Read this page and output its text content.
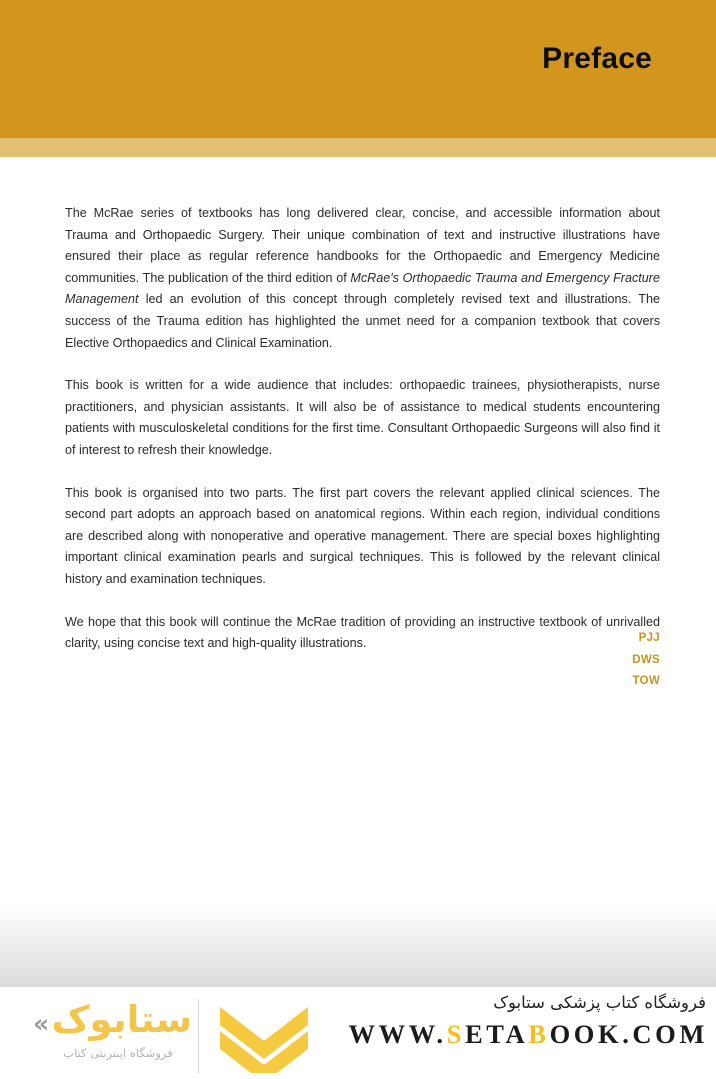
Preface

The McRae series of textbooks has long delivered clear, concise, and accessible information about Trauma and Orthopaedic Surgery. Their unique combination of text and instructive illustrations have ensured their place as regular reference handbooks for the Orthopaedic and Emergency Medicine communities. The publication of the third edition of McRae's Orthopaedic Trauma and Emergency Fracture Management led an evolution of this concept through completely revised text and illustrations. The success of the Trauma edition has highlighted the unmet need for a companion textbook that covers Elective Orthopaedics and Clinical Examination.

This book is written for a wide audience that includes: orthopaedic trainees, physiotherapists, nurse practitioners, and physician assistants. It will also be of assistance to medical students encountering patients with musculoskeletal conditions for the first time. Consultant Orthopaedic Surgeons will also find it of interest to refresh their knowledge.

This book is organised into two parts. The first part covers the relevant applied clinical sciences. The second part adopts an approach based on anatomical regions. Within each region, individual conditions are described along with nonoperative and operative management. There are special boxes highlighting important clinical examination pearls and surgical techniques. This is followed by the relevant clinical history and examination techniques.

We hope that this book will continue the McRae tradition of providing an instructive textbook of unrivalled clarity, using concise text and high-quality illustrations.	PJJ
DWS
TOW
ستابوک
«
فروشگاه اینترنتی کتاب
فروشگاه کتاب پزشکی ستابوک
WWW.SETABOOK.COM
